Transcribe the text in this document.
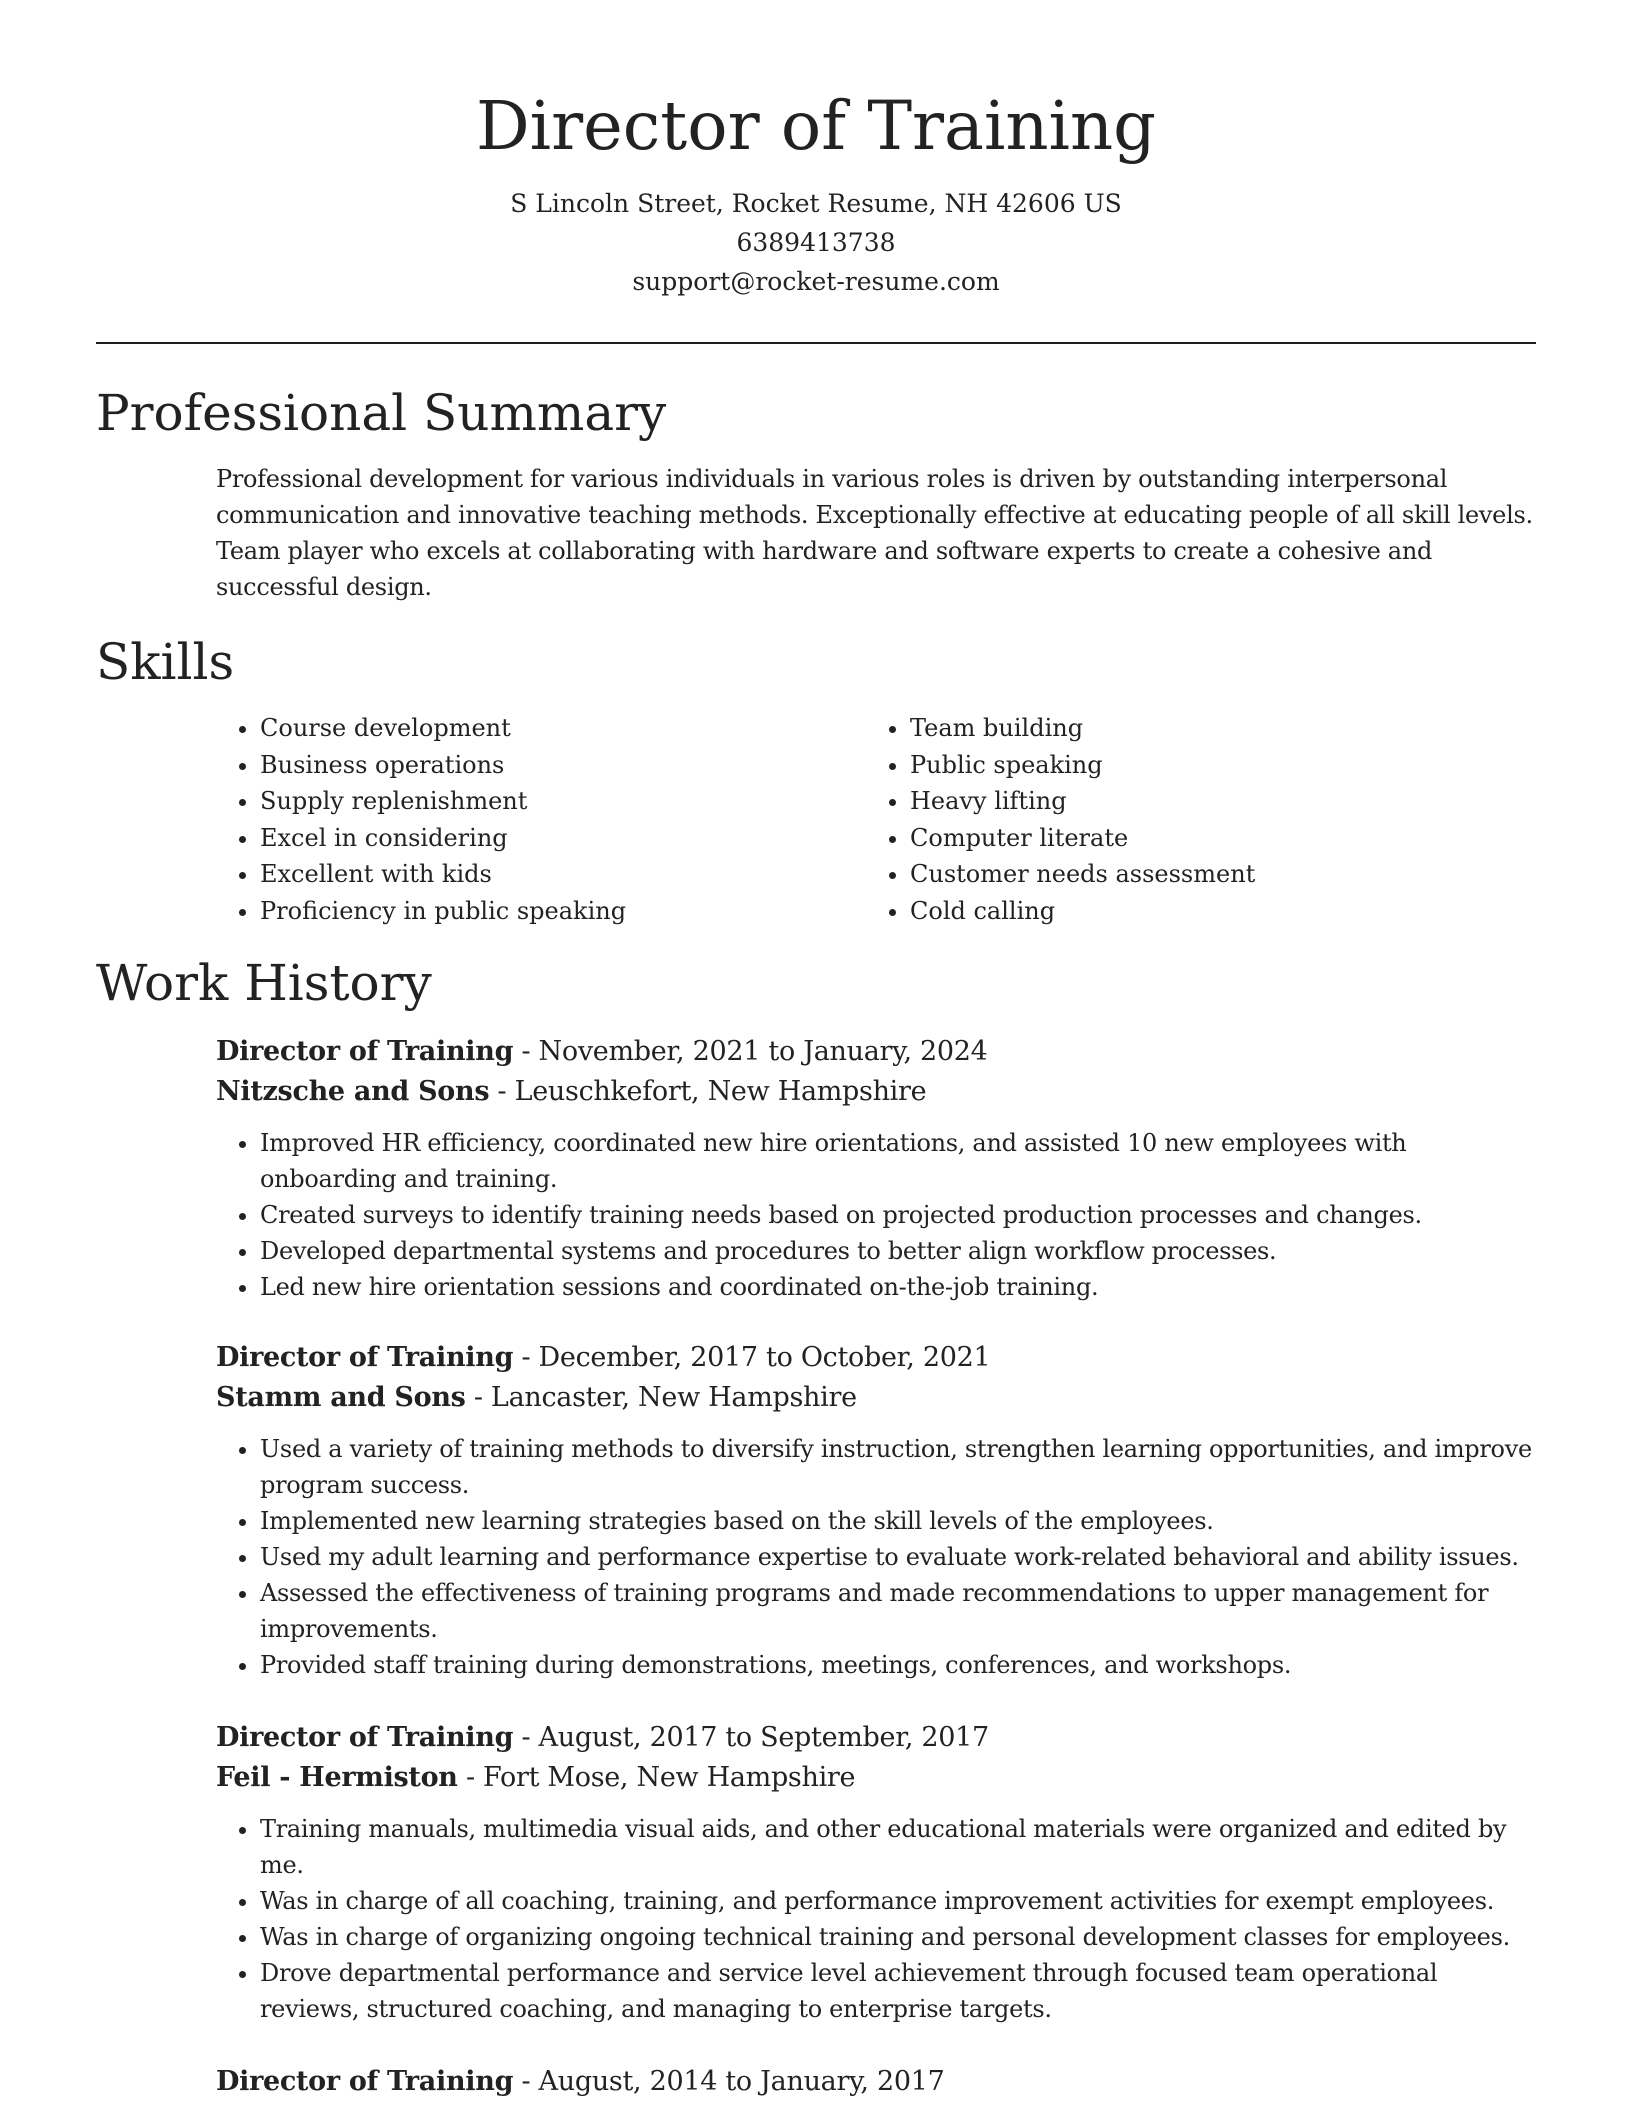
Director of Training
S Lincoln Street, Rocket Resume, NH 42606 US
6389413738
support@rocket-resume.com
Professional Summary

Professional development for various individuals in various roles is driven by outstanding interpersonal communication and innovative teaching methods. Exceptionally effective at educating people of all skill levels. Team player who excels at collaborating with hardware and software experts to create a cohesive and successful design.

Skills
• Course development
• Business operations
• Supply replenishment
• Excel in considering
• Excellent with kids
• Proficiency in public speaking
• Team building
• Public speaking
• Heavy lifting
• Computer literate
• Customer needs assessment
• Cold calling
Work History

Director of Training - November, 2021 to January, 2024

Nitzsche and Sons - Leuschkefort, New Hampshire

• Improved HR efficiency, coordinated new hire orientations, and assisted 10 new employees with onboarding and training.
• Created surveys to identify training needs based on projected production processes and changes.
• Developed departmental systems and procedures to better align workflow processes.
• Led new hire orientation sessions and coordinated on-the-job training.

Director of Training - December, 2017 to October, 2021

Stamm and Sons - Lancaster, New Hampshire

• Used a variety of training methods to diversify instruction, strengthen learning opportunities, and improve program success.
• Implemented new learning strategies based on the skill levels of the employees.
• Used my adult learning and performance expertise to evaluate work-related behavioral and ability issues.
• Assessed the effectiveness of training programs and made recommendations to upper management for improvements.
• Provided staff training during demonstrations, meetings, conferences, and workshops.

Director of Training - August, 2017 to September, 2017

Feil - Hermiston - Fort Mose, New Hampshire

• Training manuals, multimedia visual aids, and other educational materials were organized and edited by me.
• Was in charge of all coaching, training, and performance improvement activities for exempt employees.
• Was in charge of organizing ongoing technical training and personal development classes for employees.
• Drove departmental performance and service level achievement through focused team operational reviews, structured coaching, and managing to enterprise targets.

Director of Training - August, 2014 to January, 2017
